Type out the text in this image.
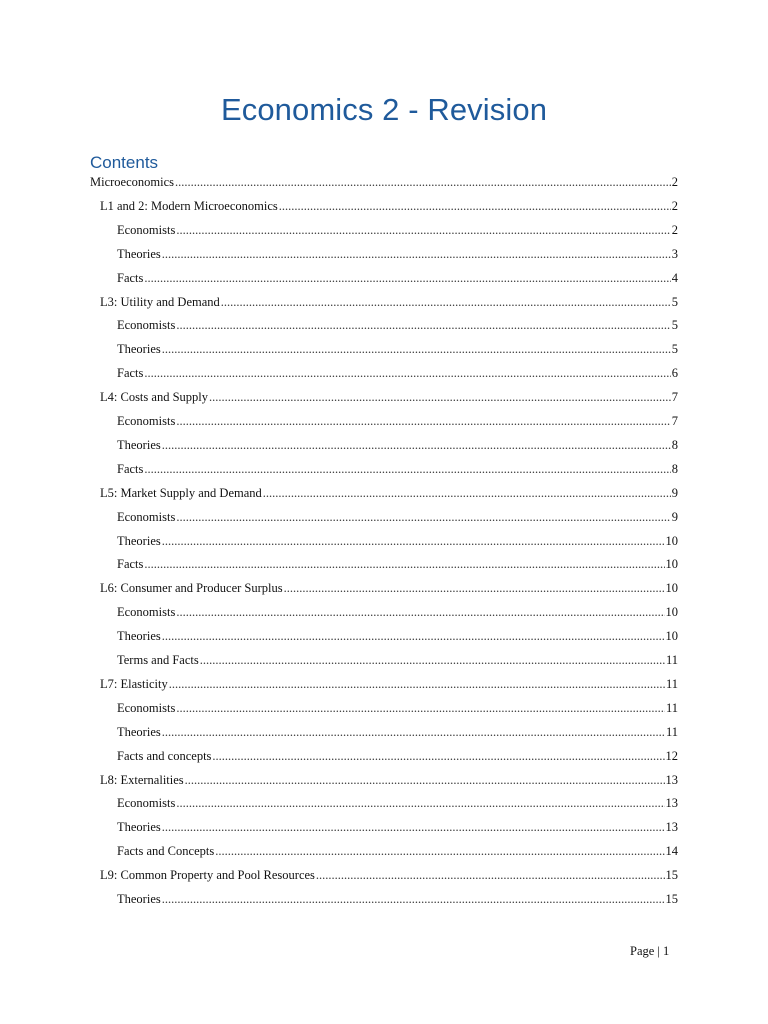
Economics 2 - Revision
Contents
Microeconomics .....	2
L1 and 2: Modern Microeconomics .....	2
Economists .....	2
Theories .....	3
Facts .....	4
L3: Utility and Demand .....	5
Economists .....	5
Theories .....	5
Facts .....	6
L4: Costs and Supply .....	7
Economists .....	7
Theories .....	8
Facts .....	8
L5: Market Supply and Demand .....	9
Economists .....	9
Theories .....	10
Facts .....	10
L6: Consumer and Producer Surplus .....	10
Economists .....	10
Theories .....	10
Terms and Facts .....	11
L7: Elasticity .....	11
Economists .....	11
Theories .....	11
Facts and concepts .....	12
L8: Externalities .....	13
Economists .....	13
Theories .....	13
Facts and Concepts .....	14
L9: Common Property and Pool Resources .....	15
Theories .....	15
Page | 1
